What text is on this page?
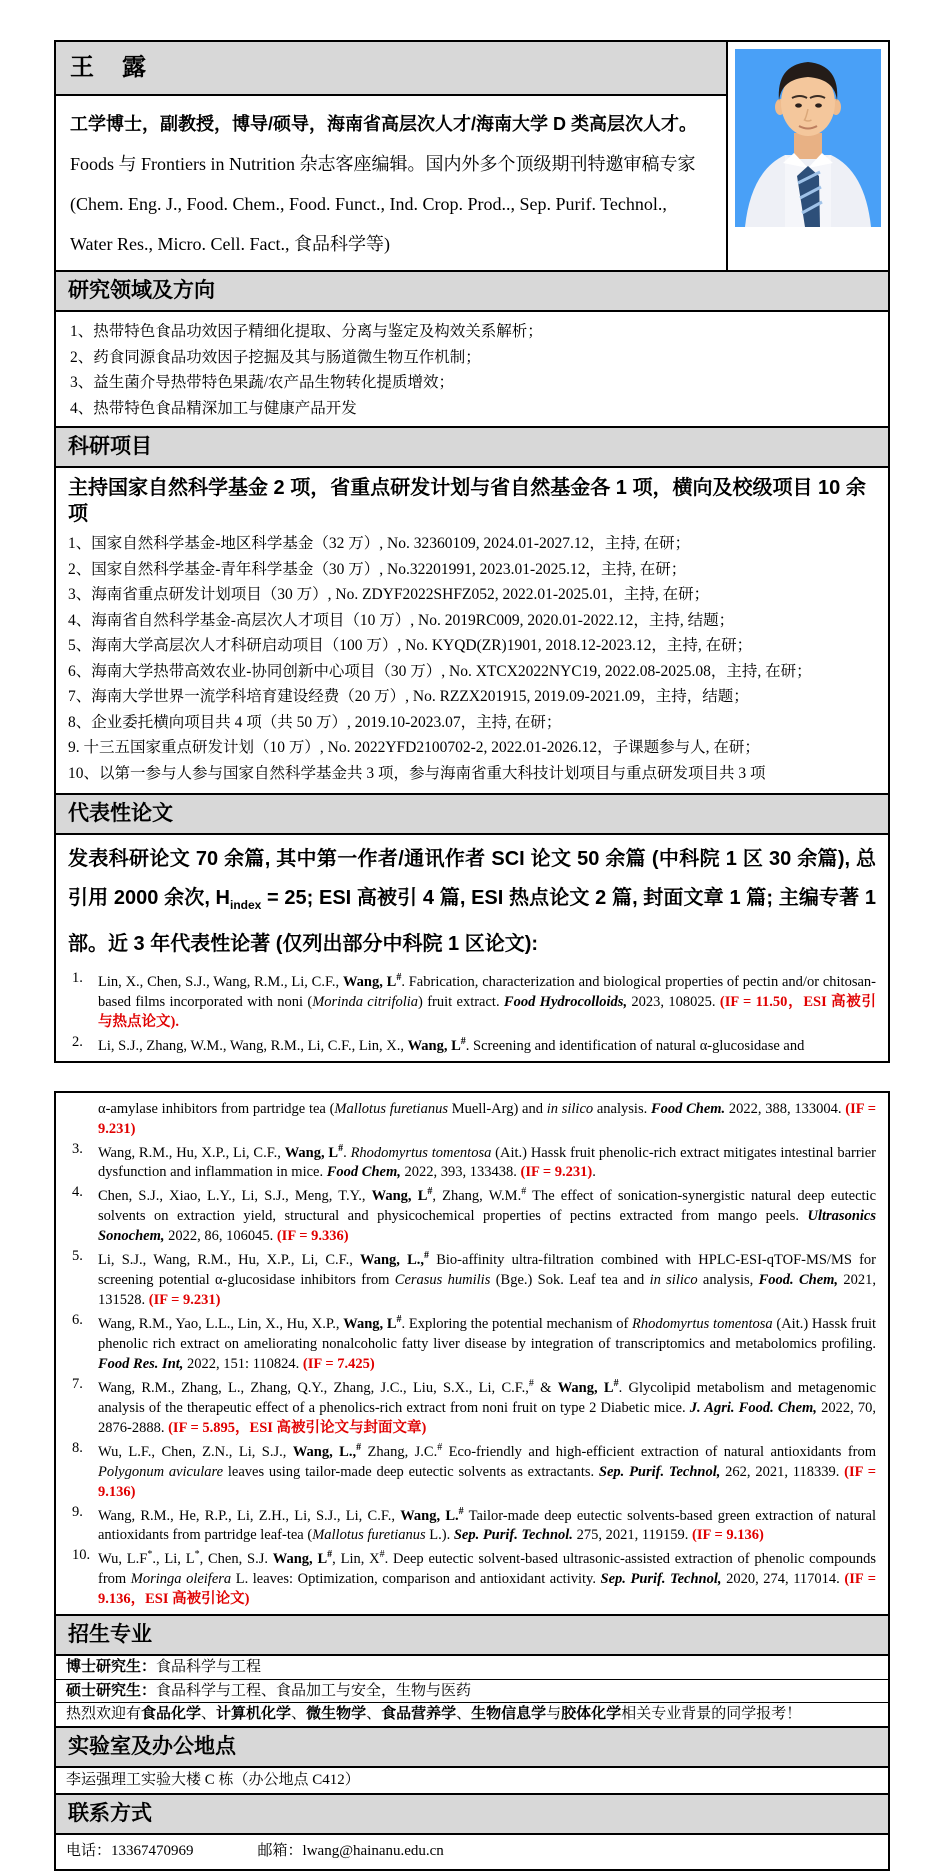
王　露

工学博士，副教授，博导/硕导，海南省高层次人才/海南大学 D 类高层次人才。

Foods 与 Frontiers in Nutrition 杂志客座编辑。国内外多个顶级期刊特邀审稿专家

(Chem. Eng. J., Food. Chem., Food. Funct., Ind. Crop. Prod.., Sep. Purif. Technol., Water Res., Micro. Cell. Fact., 食品科学等)

研究领域及方向
1、热带特色食品功效因子精细化提取、分离与鉴定及构效关系解析；
2、药食同源食品功效因子挖掘及其与肠道微生物互作机制；
3、益生菌介导热带特色果蔬/农产品生物转化提质增效；
4、热带特色食品精深加工与健康产品开发
科研项目

主持国家自然科学基金 2 项，省重点研发计划与省自然基金各 1 项，横向及校级项目 10 余项

1、国家自然科学基金-地区科学基金（32 万）, No. 32360109, 2024.01-2027.12，主持, 在研；
2、国家自然科学基金-青年科学基金（30 万）, No.32201991, 2023.01-2025.12，主持, 在研；
3、海南省重点研发计划项目（30 万）, No. ZDYF2022SHFZ052, 2022.01-2025.01，主持, 在研；
4、海南省自然科学基金-高层次人才项目（10 万）, No. 2019RC009, 2020.01-2022.12，主持, 结题；
5、海南大学高层次人才科研启动项目（100 万）, No. KYQD(ZR)1901, 2018.12-2023.12，主持, 在研；
6、海南大学热带高效农业-协同创新中心项目（30 万）, No. XTCX2022NYC19, 2022.08-2025.08，主持, 在研；
7、海南大学世界一流学科培育建设经费（20 万）, No. RZZX201915, 2019.09-2021.09，主持，结题；
8、企业委托横向项目共 4 项（共 50 万）, 2019.10-2023.07，主持, 在研；
9. 十三五国家重点研发计划（10 万）, No. 2022YFD2100702-2, 2022.01-2026.12，子课题参与人, 在研；
10、以第一参与人参与国家自然科学基金共 3 项，参与海南省重大科技计划项目与重点研发项目共 3 项
代表性论文

发表科研论文 70 余篇, 其中第一作者/通讯作者 SCI 论文 50 余篇 (中科院 1 区 30 余篇), 总引用 2000 余次, $H_{index} = 25$; ESI 高被引 4 篇, ESI 热点论文 2 篇, 封面文章 1 篇; 主编专著 1 部。近 3 年代表性论著 (仅列出部分中科院 1 区论文):

1.	Lin, X., Chen, S.J., Wang, R.M., Li, C.F., Wang, L#. Fabrication, characterization and biological properties of pectin and/or chitosan-based films incorporated with noni (Morinda citrifolia) fruit extract. Food Hydrocolloids, 2023, 108025. (IF = 11.50，ESI 高被引与热点论文).
2.	Li, S.J., Zhang, W.M., Wang, R.M., Li, C.F., Lin, X., Wang, L#. Screening and identification of natural α-glucosidase and
α-amylase inhibitors from partridge tea (Mallotus furetianus Muell-Arg) and in silico analysis. Food Chem. 2022, 388, 133004. (IF = 9.231)
3.	Wang, R.M., Hu, X.P., Li, C.F., Wang, L#. Rhodomyrtus tomentosa (Ait.) Hassk fruit phenolic-rich extract mitigates intestinal barrier dysfunction and inflammation in mice. Food Chem, 2022, 393, 133438. (IF = 9.231).
4.	Chen, S.J., Xiao, L.Y., Li, S.J., Meng, T.Y., Wang, L#, Zhang, W.M.# The effect of sonication-synergistic natural deep eutectic solvents on extraction yield, structural and physicochemical properties of pectins extracted from mango peels. Ultrasonics Sonochem, 2022, 86, 106045. (IF = 9.336)
5.	Li, S.J., Wang, R.M., Hu, X.P., Li, C.F., Wang, L.,# Bio-affinity ultra-filtration combined with HPLC-ESI-qTOF-MS/MS for screening potential α-glucosidase inhibitors from Cerasus humilis (Bge.) Sok. Leaf tea and in silico analysis, Food. Chem, 2021, 131528. (IF = 9.231)
6.	Wang, R.M., Yao, L.L., Lin, X., Hu, X.P., Wang, L#. Exploring the potential mechanism of Rhodomyrtus tomentosa (Ait.) Hassk fruit phenolic rich extract on ameliorating nonalcoholic fatty liver disease by integration of transcriptomics and metabolomics profiling. Food Res. Int, 2022, 151: 110824. (IF = 7.425)
7.	Wang, R.M., Zhang, L., Zhang, Q.Y., Zhang, J.C., Liu, S.X., Li, C.F.,# & Wang, L#. Glycolipid metabolism and metagenomic analysis of the therapeutic effect of a phenolics-rich extract from noni fruit on type 2 Diabetic mice. J. Agri. Food. Chem, 2022, 70, 2876-2888. (IF = 5.895，ESI 高被引论文与封面文章)
8.	Wu, L.F., Chen, Z.N., Li, S.J., Wang, L.,# Zhang, J.C.# Eco-friendly and high-efficient extraction of natural antioxidants from Polygonum aviculare leaves using tailor-made deep eutectic solvents as extractants. Sep. Purif. Technol, 262, 2021, 118339. (IF = 9.136)
9.	Wang, R.M., He, R.P., Li, Z.H., Li, S.J., Li, C.F., Wang, L.# Tailor-made deep eutectic solvents-based green extraction of natural antioxidants from partridge leaf-tea (Mallotus furetianus L.). Sep. Purif. Technol. 275, 2021, 119159. (IF = 9.136)
10. Wu, L.F*., Li, L*, Chen, S.J. Wang, L#, Lin, X#. Deep eutectic solvent-based ultrasonic-assisted extraction of phenolic compounds from Moringa oleifera L. leaves: Optimization, comparison and antioxidant activity. Sep. Purif. Technol, 2020, 274, 117014. (IF = 9.136，ESI 高被引论文)
招生专业
博士研究生：食品科学与工程
硕士研究生：食品科学与工程、食品加工与安全，生物与医药
热烈欢迎有食品化学、计算机化学、微生物学、食品营养学、生物信息学与胶体化学相关专业背景的同学报考！
实验室及办公地点
李运强理工实验大楼 C 栋（办公地点 C412）
联系方式
电话： 13367470969	邮箱： lwang@hainanu.edu.cn
